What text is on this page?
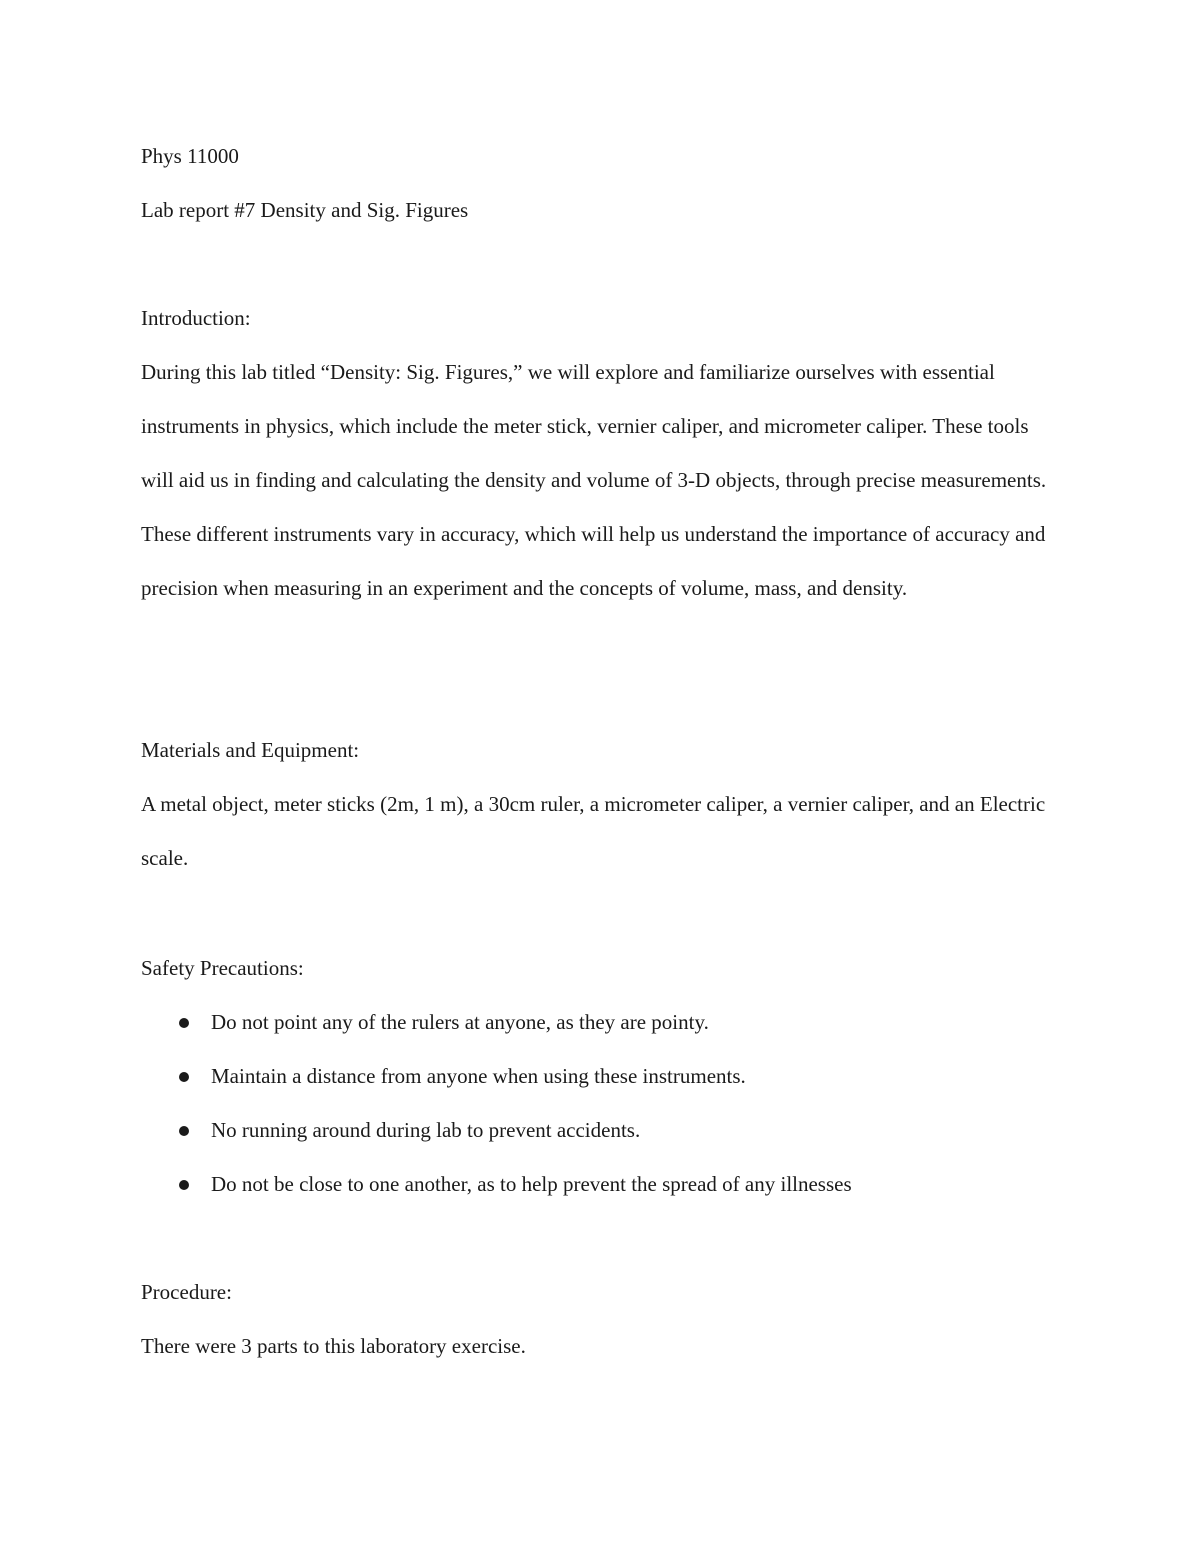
Phys 11000
Lab report #7 Density and Sig. Figures
Introduction:
During this lab titled “Density: Sig. Figures,” we will explore and familiarize ourselves with essential instruments in physics, which include the meter stick, vernier caliper, and micrometer caliper. These tools will aid us in finding and calculating the density and volume of 3-D objects, through precise measurements. These different instruments vary in accuracy, which will help us understand the importance of accuracy and precision when measuring in an experiment and the concepts of volume, mass, and density.
Materials and Equipment:
A metal object, meter sticks (2m, 1 m), a 30cm ruler, a micrometer caliper, a vernier caliper, and an Electric scale.
Safety Precautions:
Do not point any of the rulers at anyone, as they are pointy.
Maintain a distance from anyone when using these instruments.
No running around during lab to prevent accidents.
Do not be close to one another, as to help prevent the spread of any illnesses
Procedure:
There were 3 parts to this laboratory exercise.
